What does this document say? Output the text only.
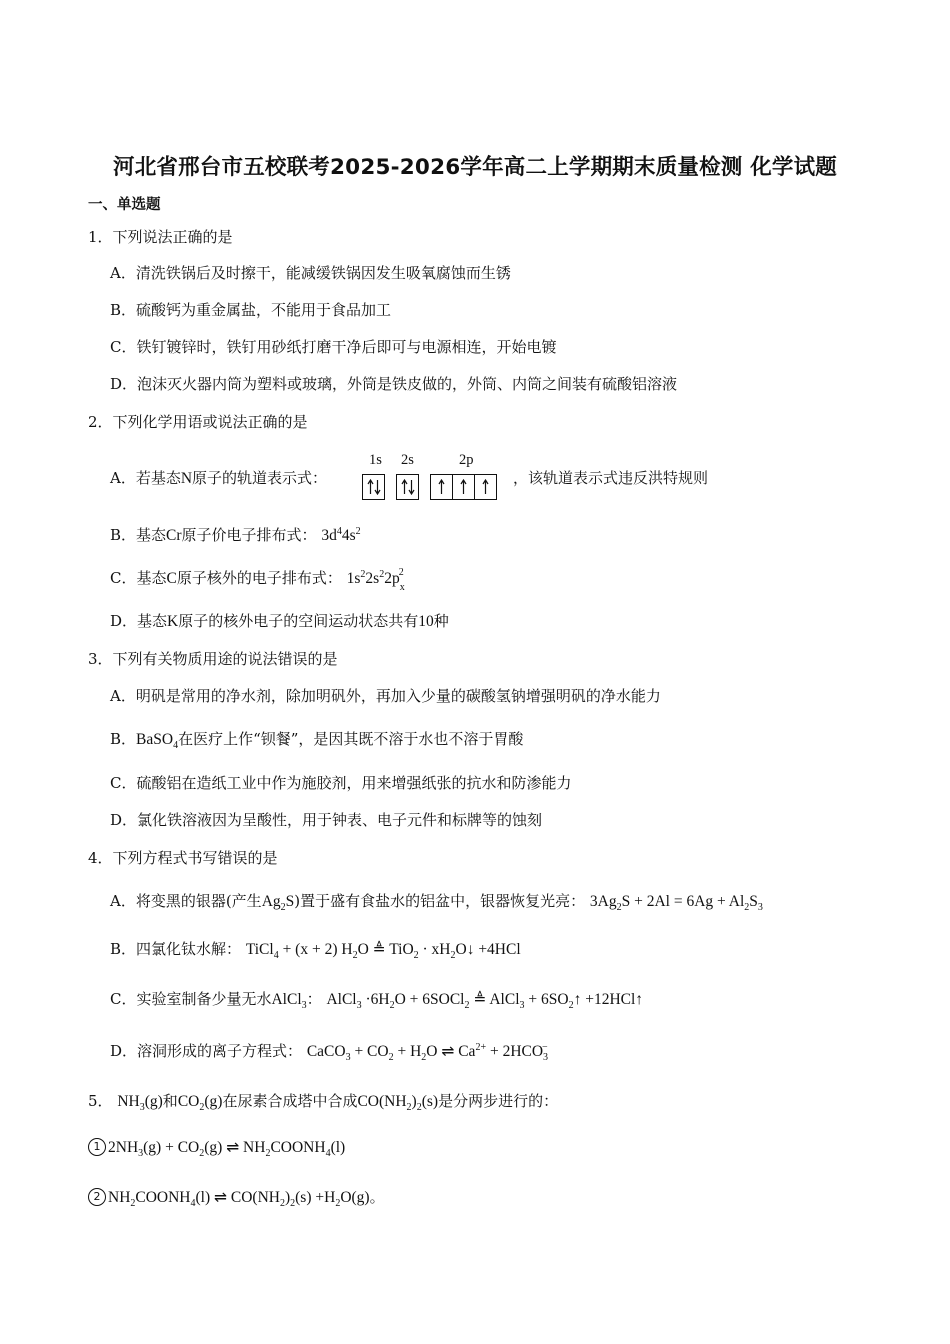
河北省邢台市五校联考2025-2026学年高二上学期期末质量检测 化学试题
一、单选题
1．下列说法正确的是
A．清洗铁锅后及时擦干，能减缓铁锅因发生吸氧腐蚀而生锈
B．硫酸钙为重金属盐，不能用于食品加工
C．铁钉镀锌时，铁钉用砂纸打磨干净后即可与电源相连，开始电镀
D．泡沫灭火器内筒为塑料或玻璃，外筒是铁皮做的，外筒、内筒之间装有硫酸铝溶液
2．下列化学用语或说法正确的是
A．若基态N原子的轨道表示式：
1s 2s	2p
，该轨道表示式违反洪特规则
B．基态Cr原子价电子排布式： $3d^44s^2$
C．基态C原子核外的电子排布式： $1s^22s^22p_x^2$
D．基态K原子的核外电子的空间运动状态共有10种
3．下列有关物质用途的说法错误的是
A．明矾是常用的净水剂，除加明矾外，再加入少量的碳酸氢钠增强明矾的净水能力
B．BaSO$_4$在医疗上作“钡餐”，是因其既不溶于水也不溶于胃酸
C．硫酸铝在造纸工业中作为施胶剂，用来增强纸张的抗水和防渗能力
D．氯化铁溶液因为呈酸性，用于钟表、电子元件和标牌等的蚀刻
4．下列方程式书写错误的是
A．将变黑的银器(产生$Ag_2S$)置于盛有食盐水的铝盆中，银器恢复光亮： $3Ag_2S + 2Al = 6Ag + Al_2S_3$
B．四氯化钛水解： TiCl$_4$ + (x + 2) $H_2O$ ≜ $TiO_2 \cdot xH_2O↓ +4HCl$
C．实验室制备少量无水AlCl$_3$： AlCl$_3$ $\cdot 6H_2O$ + 6SOCl$_2$ ≜ AlCl$_3$ + $6SO_2↑$ +12HCl↑
D．溶洞形成的离子方程式： CaCO$_3$ + $CO_2 + H_2O$ ⇌ $Ca^{2+} + 2HCO_3^-$
5． $NH_3(g)$和$CO_2(g)$在尿素合成塔中合成$CO(NH_2)_2(s)$是分两步进行的：
1 $2NH_3(g) + CO_2(g)$ ⇌ $NH_2COONH_4(l)$
2 $NH_2COONH_4(l)$ ⇌ $CO(NH_2)_2(s) +H_2O(g)$。
